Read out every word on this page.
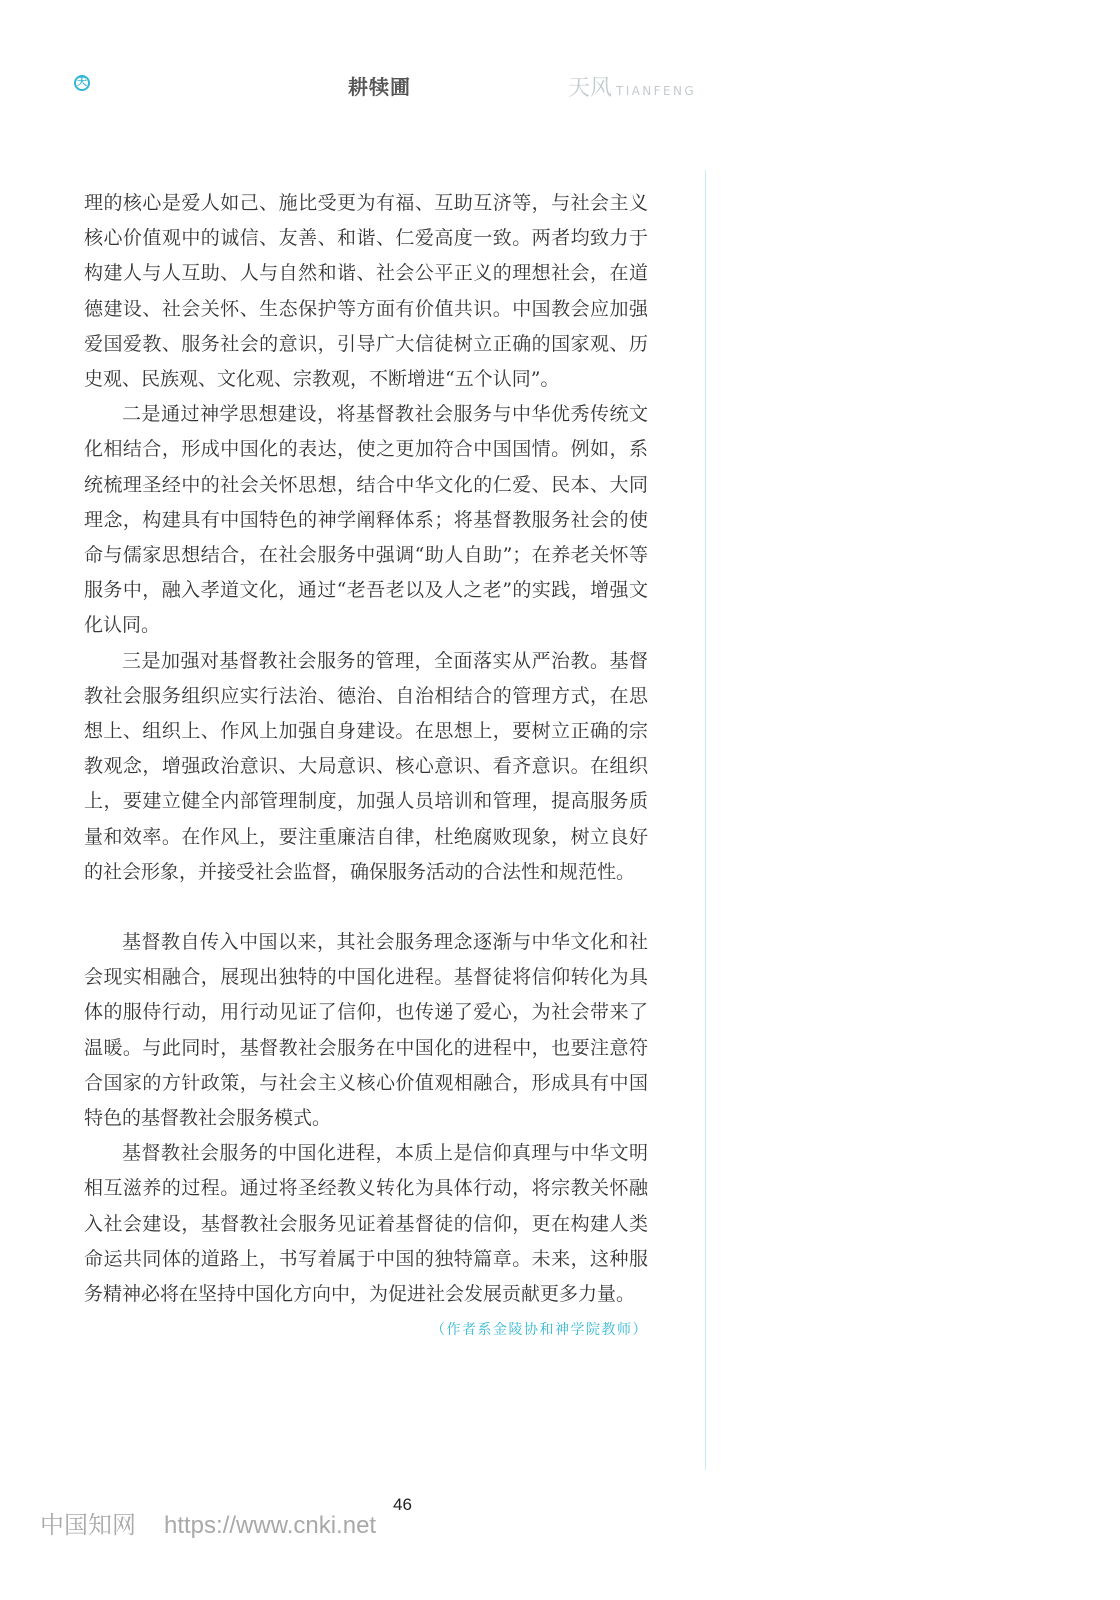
天	耕犊圃	天风 TIANFENG

理的核心是爱人如己、施比受更为有福、互助互济等，与社会主义核心价值观中的诚信、友善、和谐、仁爱高度一致。两者均致力于构建人与人互助、人与自然和谐、社会公平正义的理想社会，在道德建设、社会关怀、生态保护等方面有价值共识。中国教会应加强爱国爱教、服务社会的意识，引导广大信徒树立正确的国家观、历史观、民族观、文化观、宗教观，不断增进“五个认同”。

二是通过神学思想建设，将基督教社会服务与中华优秀传统文化相结合，形成中国化的表达，使之更加符合中国国情。例如，系统梳理圣经中的社会关怀思想，结合中华文化的仁爱、民本、大同理念，构建具有中国特色的神学阐释体系；将基督教服务社会的使命与儒家思想结合，在社会服务中强调“助人自助”；在养老关怀等服务中，融入孝道文化，通过“老吾老以及人之老”的实践，增强文化认同。

三是加强对基督教社会服务的管理，全面落实从严治教。基督教社会服务组织应实行法治、德治、自治相结合的管理方式，在思想上、组织上、作风上加强自身建设。在思想上，要树立正确的宗教观念，增强政治意识、大局意识、核心意识、看齐意识。在组织上，要建立健全内部管理制度，加强人员培训和管理，提高服务质量和效率。在作风上，要注重廉洁自律，杜绝腐败现象，树立良好的社会形象，并接受社会监督，确保服务活动的合法性和规范性。

基督教自传入中国以来，其社会服务理念逐渐与中华文化和社会现实相融合，展现出独特的中国化进程。基督徒将信仰转化为具体的服侍行动，用行动见证了信仰，也传递了爱心，为社会带来了温暖。与此同时，基督教社会服务在中国化的进程中，也要注意符合国家的方针政策，与社会主义核心价值观相融合，形成具有中国特色的基督教社会服务模式。

基督教社会服务的中国化进程，本质上是信仰真理与中华文明相互滋养的过程。通过将圣经教义转化为具体行动，将宗教关怀融入社会建设，基督教社会服务见证着基督徒的信仰，更在构建人类命运共同体的道路上，书写着属于中国的独特篇章。未来，这种服务精神必将在坚持中国化方向中，为促进社会发展贡献更多力量。

（作者系金陵协和神学院教师）
46
中国知网 https://www.cnki.net
